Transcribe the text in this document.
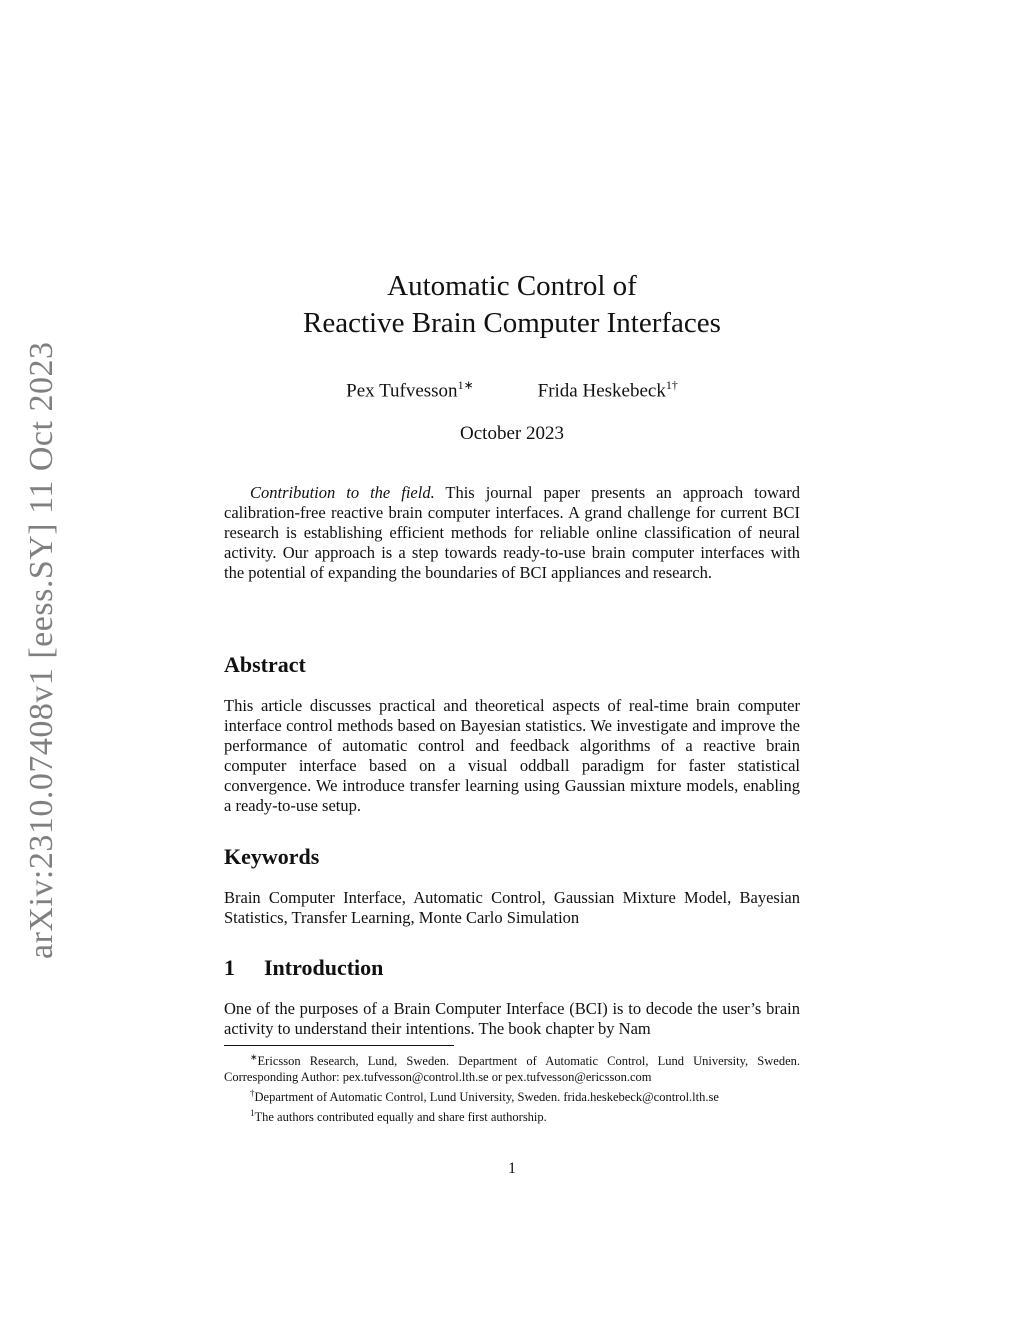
arXiv:2310.07408v1 [eess.SY] 11 Oct 2023
Automatic Control of
Reactive Brain Computer Interfaces
Pex Tufvesson$^{1∗}$	Frida Heskebeck$^{1\dagger}$
October 2023

Contribution to the field. This journal paper presents an approach toward calibration-free reactive brain computer interfaces. A grand challenge for current BCI research is establishing efficient methods for reliable online classification of neural activity. Our approach is a step towards ready-to-use brain computer interfaces with the potential of expanding the boundaries of BCI appliances and research.

Abstract

This article discusses practical and theoretical aspects of real-time brain computer interface control methods based on Bayesian statistics. We investigate and improve the performance of automatic control and feedback algorithms of a reactive brain computer interface based on a visual oddball paradigm for faster statistical convergence. We introduce transfer learning using Gaussian mixture models, enabling a ready-to-use setup.

Keywords

Brain Computer Interface, Automatic Control, Gaussian Mixture Model, Bayesian Statistics, Transfer Learning, Monte Carlo Simulation

1 Introduction

One of the purposes of a Brain Computer Interface (BCI) is to decode the user’s brain activity to understand their intentions. The book chapter by Nam

∗Ericsson Research, Lund, Sweden. Department of Automatic Control, Lund University, Sweden. Corresponding Author: pex.tufvesson@control.lth.se or pex.tufvesson@ericsson.com

†Department of Automatic Control, Lund University, Sweden. frida.heskebeck@control.lth.se

$^1$The authors contributed equally and share first authorship.

1
